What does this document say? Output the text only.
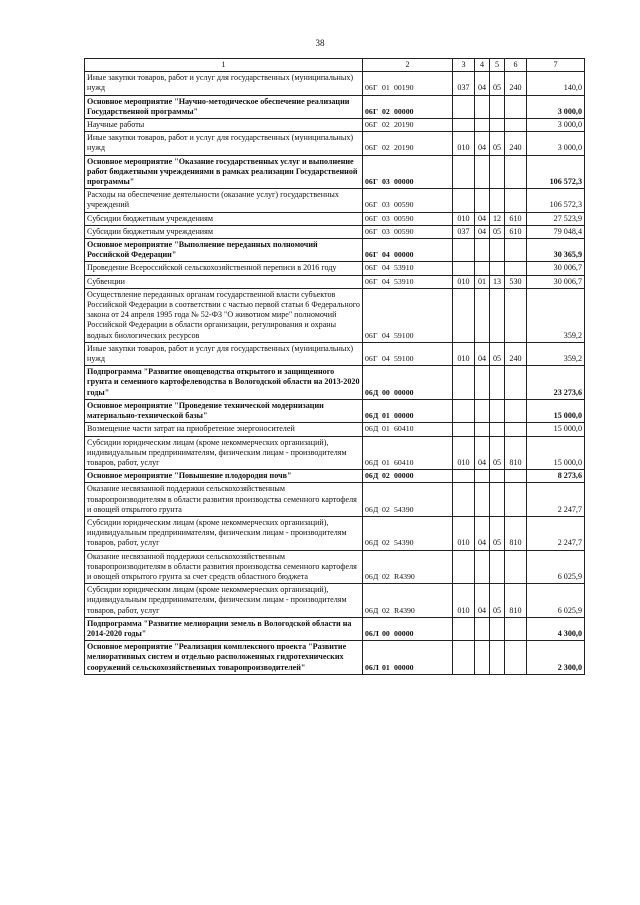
38
1	2	3	4	5	6	7
Иные закупки товаров, работ и услуг для государственных (муниципальных) нужд	06Г 01 00190	037	04	05	240	140,0
Основное мероприятие "Научно-методическое обеспечение реализации Государственной программы"	06Г 02 00000					3 000,0
Научные работы	06Г 02 20190					3 000,0
Иные закупки товаров, работ и услуг для государственных (муниципальных) нужд	06Г 02 20190	010	04	05	240	3 000,0
Основное мероприятие "Оказание государственных услуг и выполнение работ бюджетными учреждениями в рамках реализации Государственной программы"	06Г 03 00000					106 572,3
Расходы на обеспечение деятельности (оказание услуг) государственных учреждений	06Г 03 00590					106 572,3
Субсидии бюджетным учреждениям	06Г 03 00590	010	04	12	610	27 523,9
Субсидии бюджетным учреждениям	06Г 03 00590	037	04	05	610	79 048,4
Основное мероприятие "Выполнение переданных полномочий Российской Федерации"	06Г 04 00000					30 365,9
Проведение Всероссийской сельскохозяйственной переписи в 2016 году	06Г 04 53910					30 006,7
Субвенции	06Г 04 53910	010	01	13	530	30 006,7
Осуществление переданных органам государственной власти субъектов Российской Федерации в соответствии с частью первой статьи 6 Федерального закона от 24 апреля 1995 года № 52-ФЗ "О животном мире" полномочий Российской Федерации в области организации, регулирования и охраны водных биологических ресурсов	06Г 04 59100					359,2
Иные закупки товаров, работ и услуг для государственных (муниципальных) нужд	06Г 04 59100	010	04	05	240	359,2
Подпрограмма "Развитие овощеводства открытого и защищенного грунта и семенного картофелеводства в Вологодской области на 2013-2020 годы"	06Д 00 00000					23 273,6
Основное мероприятие "Проведение технической модернизации материально-технической базы"	06Д 01 00000					15 000,0
Возмещение части затрат на приобретение энергоносителей	06Д 01 60410					15 000,0
Субсидии юридическим лицам (кроме некоммерческих организаций), индивидуальным предпринимателям, физическим лицам - производителям товаров, работ, услуг	06Д 01 60410	010	04	05	810	15 000,0
Основное мероприятие "Повышение плодородия почв"	06Д 02 00000					8 273,6
Оказание несвязанной поддержки сельскохозяйственным товаропроизводителям в области развития производства семенного картофеля и овощей открытого грунта	06Д 02 54390					2 247,7
Субсидии юридическим лицам (кроме некоммерческих организаций), индивидуальным предпринимателям, физическим лицам - производителям товаров, работ, услуг	06Д 02 54390	010	04	05	810	2 247,7
Оказание несвязанной поддержки сельскохозяйственным товаропроизводителям в области развития производства семенного картофеля и овощей открытого грунта за счет средств областного бюджета	06Д 02 R4390					6 025,9
Субсидии юридическим лицам (кроме некоммерческих организаций), индивидуальным предпринимателям, физическим лицам - производителям товаров, работ, услуг	06Д 02 R4390	010	04	05	810	6 025,9
Подпрограмма "Развитие мелиорации земель в Вологодской области на 2014-2020 годы"	06Л 00 00000					4 300,0
Основное мероприятие "Реализация комплексного проекта "Развитие мелиоративных систем и отдельно расположенных гидротехнических сооружений сельскохозяйственных товаропроизводителей"	06Л 01 00000					2 300,0
